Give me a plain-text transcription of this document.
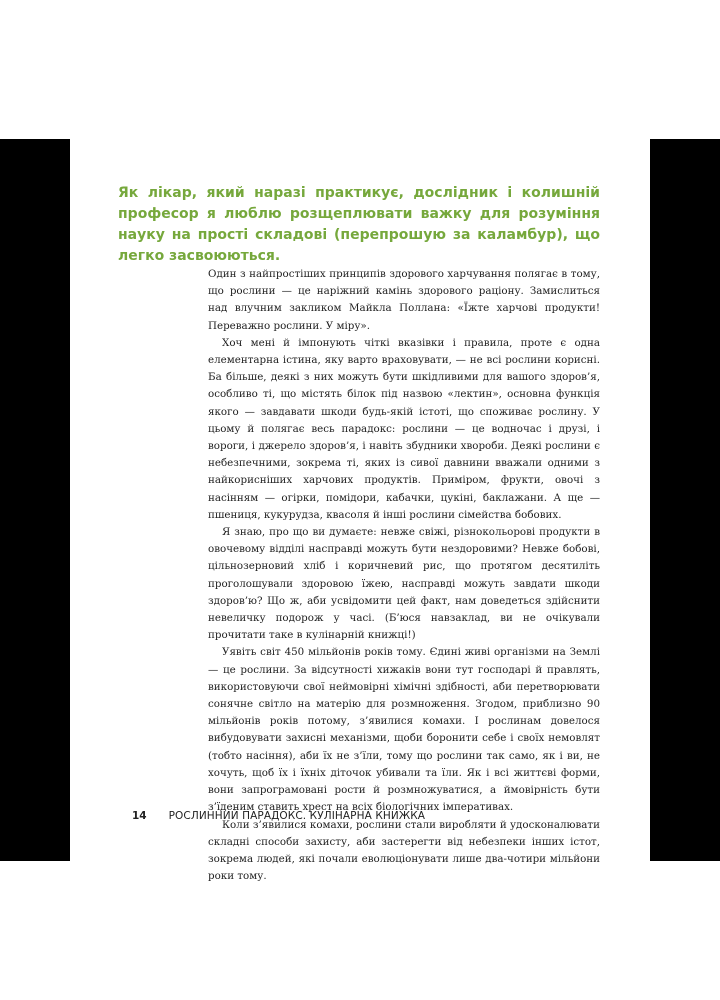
Як лікар, який наразі практикує, дослідник і колишній професор я люблю розщеплювати важку для розуміння науку на прості складові (перепрошую за каламбур), що легко засвоюються.

Один з найпростіших принципів здорового харчування полягає в тому, що рослини — це наріжний камінь здорового раціону. Замислиться над влучним закликом Майкла Поллана: «Їжте харчові продукти! Переважно рослини. У міру».

Хоч мені й імпонують чіткі вказівки і правила, проте є одна елементарна істина, яку варто враховувати, — не всі рослини корисні. Ба більше, деякі з них можуть бути шкідливими для вашого здоров’я, особливо ті, що містять білок під назвою «лектин», основна функція якого — завдавати шкоди будь-якій істоті, що споживає рослину. У цьому й полягає весь парадокс: рослини — це водночас і друзі, і вороги, і джерело здоров’я, і навіть збудники хвороби. Деякі рослини є небезпечними, зокрема ті, яких із сивої давнини вважали одними з найкорисніших харчових продуктів. Примiром, фрукти, овочі з насінням — огірки, помідори, кабачки, цукіні, баклажани. А ще — пшениця, кукурудза, квасоля й інші рослини сімейства бобових.

Я знаю, про що ви думаєте: невже свіжі, різнокольорові продукти в овочевому відділі насправді можуть бути нездоровими? Невже бобові, цільнозерновий хліб і коричневий рис, що протягом десятиліть проголошували здоровою їжею, насправді можуть завдати шкоди здоров’ю? Що ж, аби усвідомити цей факт, нам доведеться здійснити невеличку подорож у часі. (Б’юся навзаклад, ви не очікували прочитати таке в кулінарній книжці!)

Уявіть світ 450 мільйонів років тому. Єдині живі організми на Землі — це рослини. За відсутності хижаків вони тут господарі й правлять, використовуючи свої неймовірні хімічні здібності, аби перетворювати сонячне світло на матерію для розмноження. Згодом, приблизно 90 мільйонів років потому, з’явилися комахи. І рослинам довелося вибудовувати захисні механізми, щоби боронити себе і своїх немовлят (тобто насіння), аби їх не з’їли, тому що рослини так само, як і ви, не хочуть, щоб їх і їхніх діточок убивали та їли. Як і всі життєві форми, вони запрограмовані рости й розмножуватися, а ймовірність бути з’їденим ставить хрест на всіх біологічних імперативах.

Коли з’явилися комахи, рослини стали виробляти й удосконалювати складні способи захисту, аби застерегти від небезпеки інших істот, зокрема людей, які почали еволюціонувати лише два-чотири мільйони роки тому.

14 РОСЛИННИЙ ПАРАДОКС. КУЛІНАРНА КНИЖКА
